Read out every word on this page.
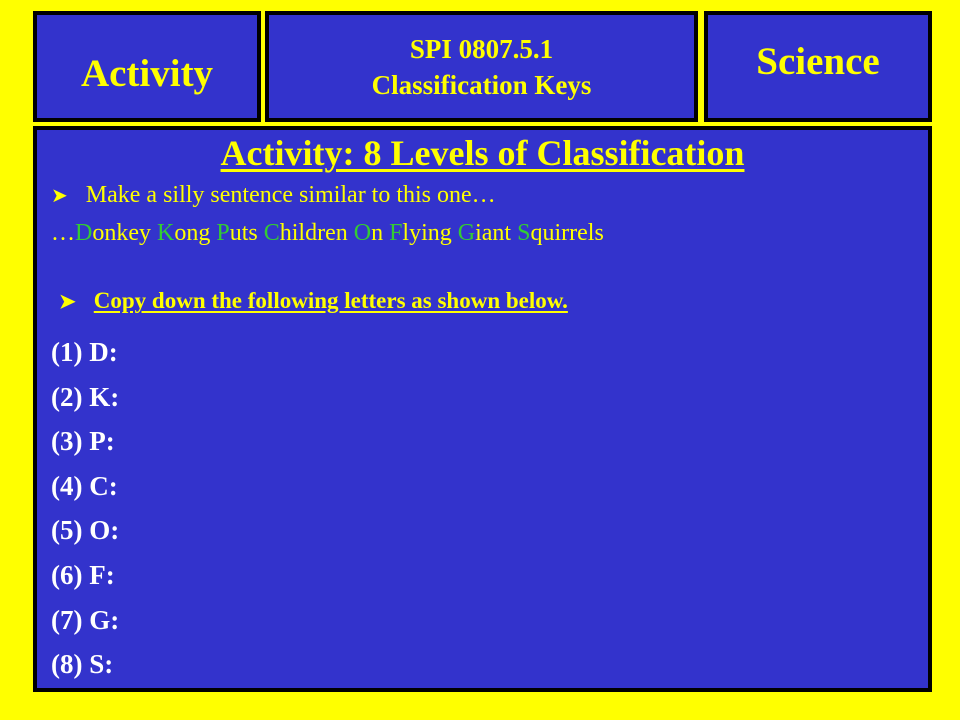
Activity
SPI 0807.5.1
Classification Keys
Science
Activity: 8 Levels of Classification
➤ Make a silly sentence similar to this one…
…Donkey Kong Puts Children On Flying Giant Squirrels
➤ Copy down the following letters as shown below.
(1) D:
(2) K:
(3) P:
(4) C:
(5) O:
(6) F:
(7) G:
(8) S:
